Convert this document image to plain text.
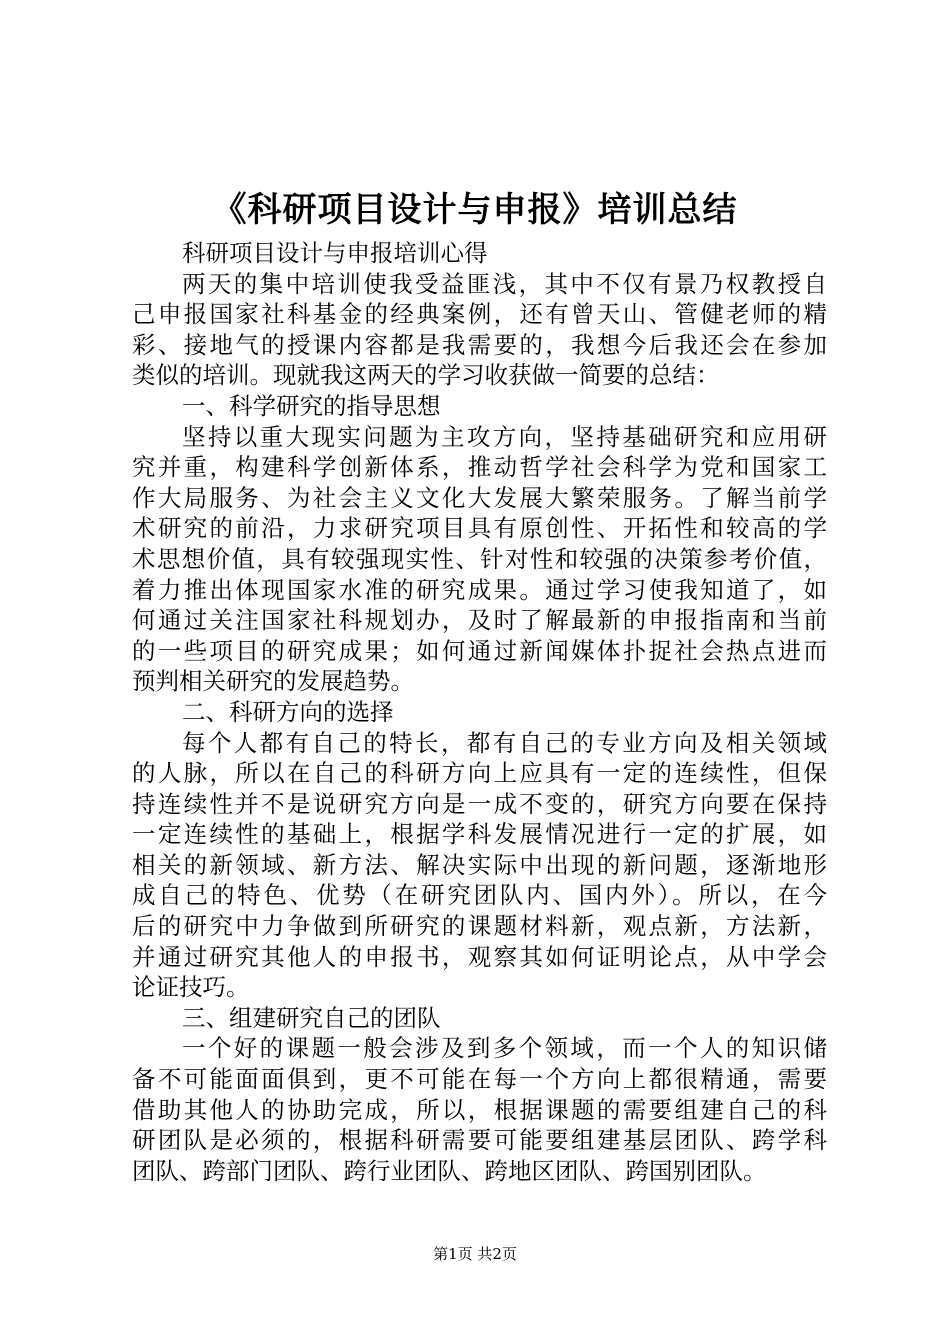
《科研项目设计与申报》培训总结
科研项目设计与申报培训心得
两天的集中培训使我受益匪浅，其中不仅有景乃权教授自
己申报国家社科基金的经典案例，还有曾天山、管健老师的精
彩、接地气的授课内容都是我需要的，我想今后我还会在参加
类似的培训。现就我这两天的学习收获做一简要的总结：
一、科学研究的指导思想
坚持以重大现实问题为主攻方向，坚持基础研究和应用研
究并重，构建科学创新体系，推动哲学社会科学为党和国家工
作大局服务、为社会主义文化大发展大繁荣服务。了解当前学
术研究的前沿，力求研究项目具有原创性、开拓性和较高的学
术思想价值，具有较强现实性、针对性和较强的决策参考价值，
着力推出体现国家水准的研究成果。通过学习使我知道了，如
何通过关注国家社科规划办，及时了解最新的申报指南和当前
的一些项目的研究成果；如何通过新闻媒体扑捉社会热点进而
预判相关研究的发展趋势。
二、科研方向的选择
每个人都有自己的特长，都有自己的专业方向及相关领域
的人脉，所以在自己的科研方向上应具有一定的连续性，但保
持连续性并不是说研究方向是一成不变的，研究方向要在保持
一定连续性的基础上，根据学科发展情况进行一定的扩展，如
相关的新领域、新方法、解决实际中出现的新问题，逐渐地形
成自己的特色、优势（在研究团队内、国内外）。所以，在今
后的研究中力争做到所研究的课题材料新，观点新，方法新，
并通过研究其他人的申报书，观察其如何证明论点，从中学会
论证技巧。
三、组建研究自己的团队
一个好的课题一般会涉及到多个领域，而一个人的知识储
备不可能面面俱到，更不可能在每一个方向上都很精通，需要
借助其他人的协助完成，所以，根据课题的需要组建自己的科
研团队是必须的，根据科研需要可能要组建基层团队、跨学科
团队、跨部门团队、跨行业团队、跨地区团队、跨国别团队。
第1页 共2页
